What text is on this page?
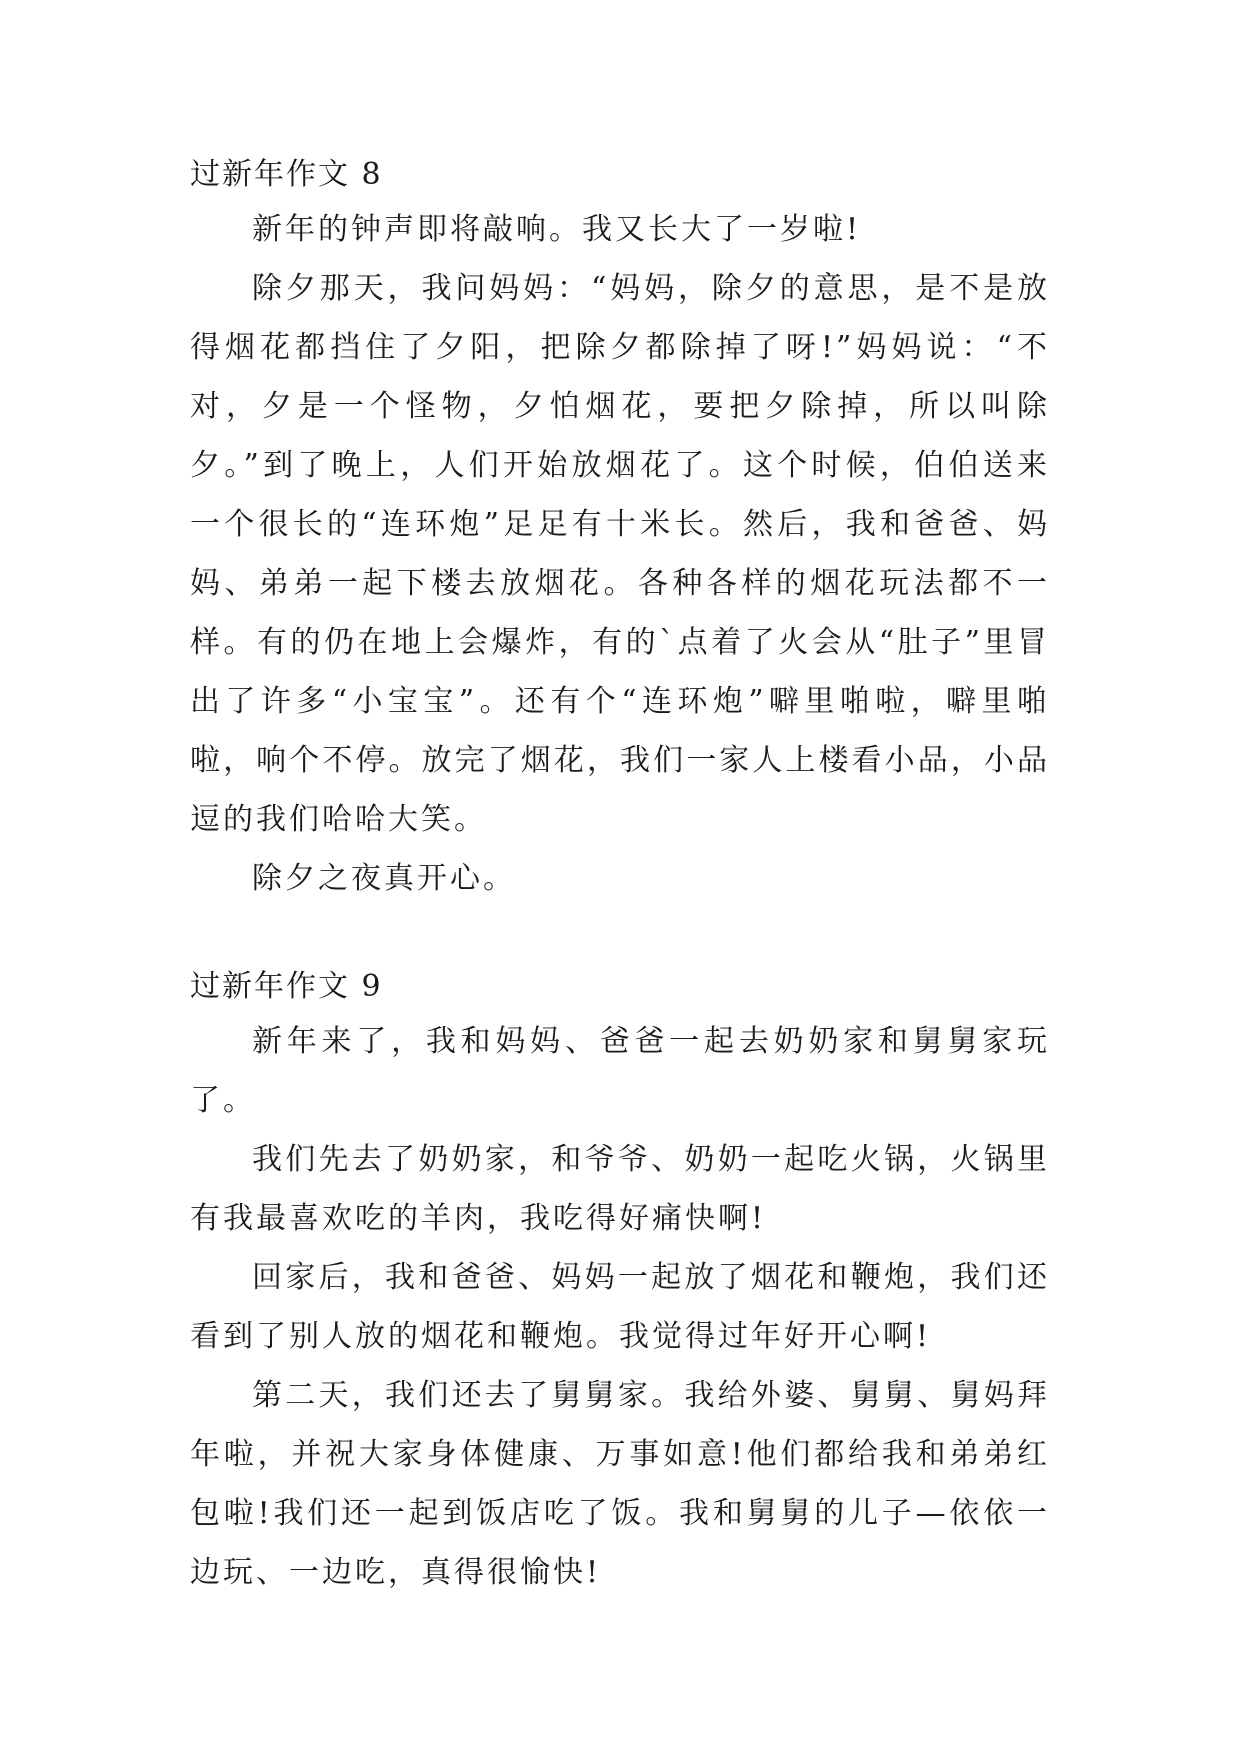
过新年作文 8

新年的钟声即将敲响。我又长大了一岁啦!

除夕那天，我问妈妈：“妈妈，除夕的意思，是不是放得烟花都挡住了夕阳，把除夕都除掉了呀!”妈妈说：“不对，夕是一个怪物，夕怕烟花，要把夕除掉，所以叫除夕。”到了晚上，人们开始放烟花了。这个时候，伯伯送来一个很长的“连环炮”足足有十米长。然后，我和爸爸、妈妈、弟弟一起下楼去放烟花。各种各样的烟花玩法都不一样。有的仍在地上会爆炸，有的`点着了火会从“肚子”里冒出了许多“小宝宝”。还有个“连环炮”噼里啪啦，噼里啪啦，响个不停。放完了烟花，我们一家人上楼看小品，小品逗的我们哈哈大笑。

除夕之夜真开心。

过新年作文 9

新年来了，我和妈妈、爸爸一起去奶奶家和舅舅家玩了。

我们先去了奶奶家，和爷爷、奶奶一起吃火锅，火锅里有我最喜欢吃的羊肉，我吃得好痛快啊!

回家后，我和爸爸、妈妈一起放了烟花和鞭炮，我们还看到了别人放的烟花和鞭炮。我觉得过年好开心啊!

第二天，我们还去了舅舅家。我给外婆、舅舅、舅妈拜年啦，并祝大家身体健康、万事如意!他们都给我和弟弟红包啦!我们还一起到饭店吃了饭。我和舅舅的儿子—依依一边玩、一边吃，真得很愉快!
